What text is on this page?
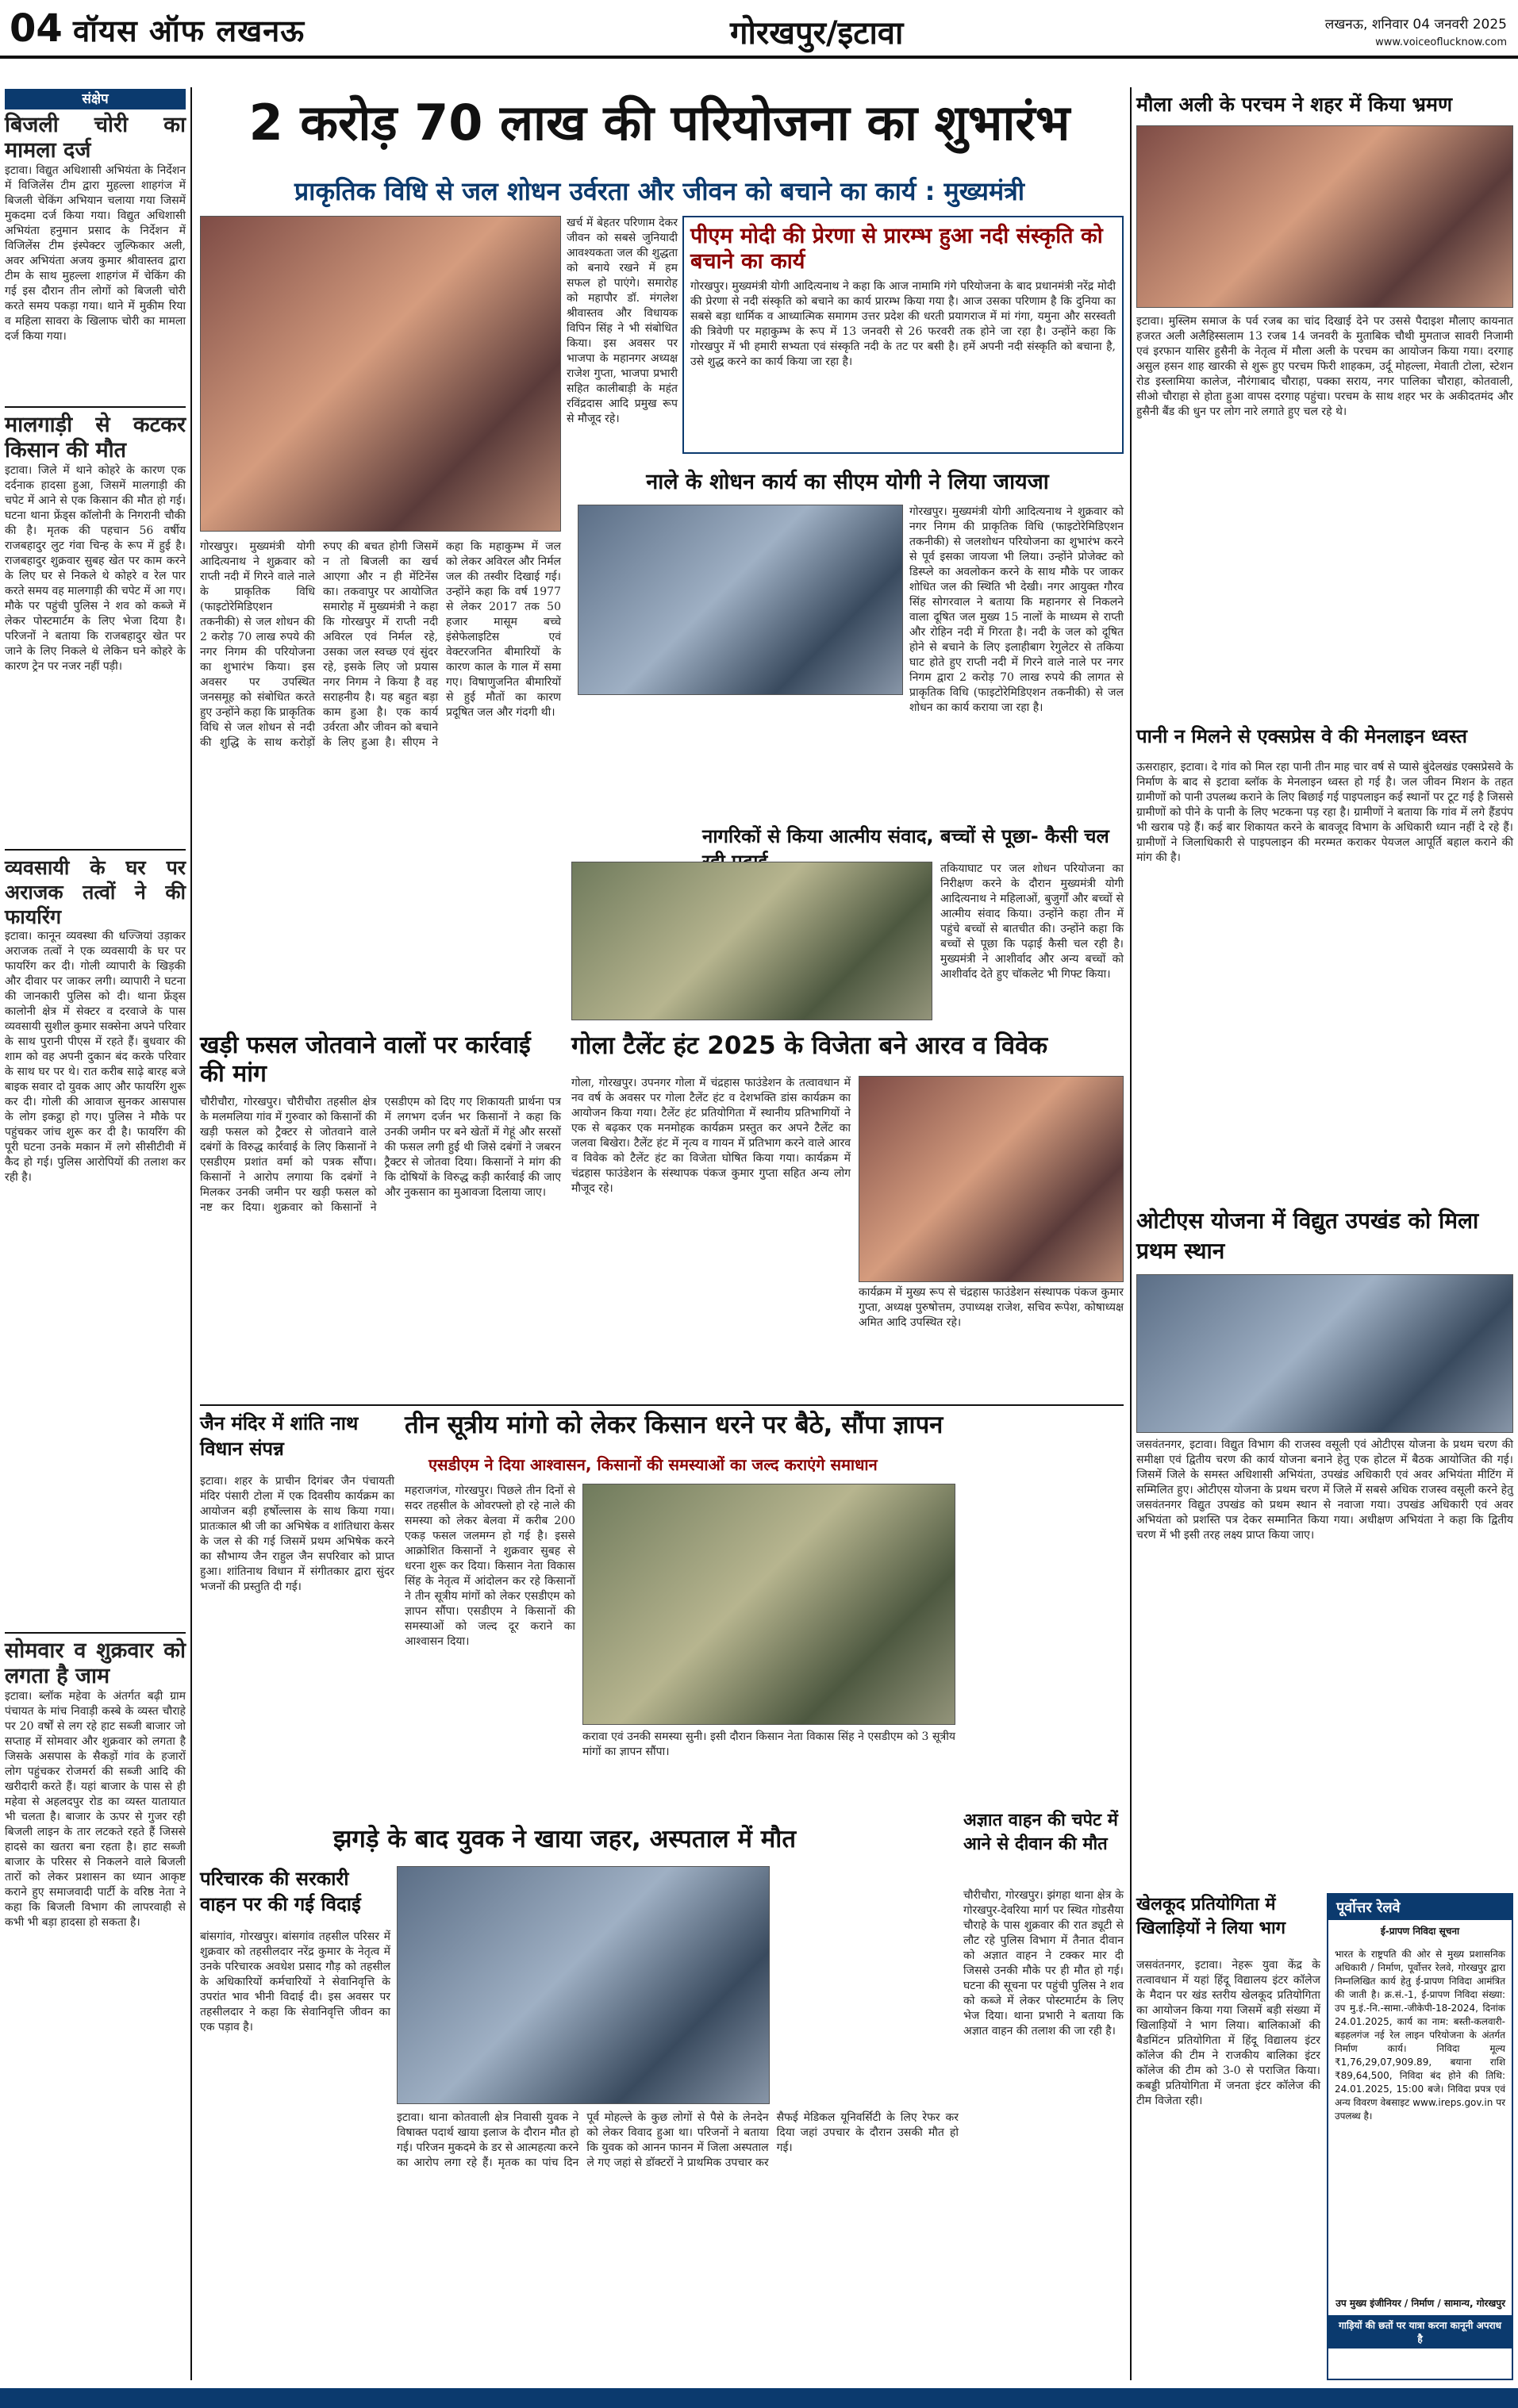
04 वॉयस ऑफ लखनऊ	गोरखपुर/इटावा	लखनऊ, शनिवार 04 जनवरी 2025
www.voiceoflucknow.com
संक्षेप
बिजली चोरी का मामला दर्ज

इटावा। विद्युत अधिशासी अभियंता के निर्देशन में विजिलेंस टीम द्वारा मुहल्ला शाहगंज में बिजली चेकिंग अभियान चलाया गया जिसमें मुकदमा दर्ज किया गया। विद्युत अधिशासी अभियंता हनुमान प्रसाद के निर्देशन में विजिलेंस टीम इंस्पेक्टर जुल्फिकार अली, अवर अभियंता अजय कुमार श्रीवास्तव द्वारा टीम के साथ मुहल्ला शाहगंज में चेकिंग की गई इस दौरान तीन लोगों को बिजली चोरी करते समय पकड़ा गया। थाने में मुकीम रिया व महिला सावरा के खिलाफ चोरी का मामला दर्ज किया गया।

मालगाड़ी से कटकर किसान की मौत

इटावा। जिले में थाने कोहरे के कारण एक दर्दनाक हादसा हुआ, जिसमें मालगाड़ी की चपेट में आने से एक किसान की मौत हो गई। घटना थाना फ्रेंड्स कॉलोनी के निगरानी चौकी की है। मृतक की पहचान 56 वर्षीय राजबहादुर लुट गंवा चिन्ह के रूप में हुई है। राजबहादुर शुक्रवार सुबह खेत पर काम करने के लिए घर से निकले थे कोहरे व रेल पार करते समय वह मालगाड़ी की चपेट में आ गए। मौके पर पहुंची पुलिस ने शव को कब्जे में लेकर पोस्टमार्टम के लिए भेजा दिया है। परिजनों ने बताया कि राजबहादुर खेत पर जाने के लिए निकले थे लेकिन घने कोहरे के कारण ट्रेन पर नजर नहीं पड़ी।

व्यवसायी के घर पर अराजक तत्वों ने की फायरिंग

इटावा। कानून व्यवस्था की धज्जियां उड़ाकर अराजक तत्वों ने एक व्यवसायी के घर पर फायरिंग कर दी। गोली व्यापारी के खिड़की और दीवार पर जाकर लगी। व्यापारी ने घटना की जानकारी पुलिस को दी। थाना फ्रेंड्स कालोनी क्षेत्र में सेक्टर व दरवाजे के पास व्यवसायी सुशील कुमार सक्सेना अपने परिवार के साथ पुरानी पीएस में रहते हैं। बुधवार की शाम को वह अपनी दुकान बंद करके परिवार के साथ घर पर थे। रात करीब साढ़े बारह बजे बाइक सवार दो युवक आए और फायरिंग शुरू कर दी। गोली की आवाज सुनकर आसपास के लोग इकट्ठा हो गए। पुलिस ने मौके पर पहुंचकर जांच शुरू कर दी है। फायरिंग की पूरी घटना उनके मकान में लगे सीसीटीवी में कैद हो गई। पुलिस आरोपियों की तलाश कर रही है।

सोमवार व शुक्रवार को लगता है जाम

इटावा। ब्लॉक महेवा के अंतर्गत बढ़ी ग्राम पंचायत के मांच निवाड़ी कस्बे के व्यस्त चौराहे पर 20 वर्षों से लग रहे हाट सब्जी बाजार जो सप्ताह में सोमवार और शुक्रवार को लगता है जिसके असपास के सैकड़ों गांव के हजारों लोग पहुंचकर रोजमर्रा की सब्जी आदि की खरीदारी करते हैं। यहां बाजार के पास से ही महेवा से अहलदपुर रोड का व्यस्त यातायात भी चलता है। बाजार के ऊपर से गुजर रही बिजली लाइन के तार लटकते रहते हैं जिससे हादसे का खतरा बना रहता है। हाट सब्जी बाजार के परिसर से निकलने वाले बिजली तारों को लेकर प्रशासन का ध्यान आकृष्ट कराने हुए समाजवादी पार्टी के वरिष्ठ नेता ने कहा कि बिजली विभाग की लापरवाही से कभी भी बड़ा हादसा हो सकता है।

2 करोड़ 70 लाख की परियोजना का शुभारंभ
प्राकृतिक विधि से जल शोधन उर्वरता और जीवन को बचाने का कार्य : मुख्यमंत्री
गोरखपुर। मुख्यमंत्री योगी आदित्यनाथ ने शुक्रवार को राप्ती नदी में गिरने वाले नाले के प्राकृतिक विधि (फाइटोरेमिडिएशन तकनीकी) से जल शोधन की 2 करोड़ 70 लाख रुपये की नगर निगम की परियोजना का शुभारंभ किया। इस अवसर पर उपस्थित जनसमूह को संबोधित करते हुए उन्होंने कहा कि प्राकृतिक विधि से जल शोधन से नदी की शुद्धि के साथ करोड़ों रुपए की बचत होगी जिसमें न तो बिजली का खर्च आएगा और न ही मेंटिनेंस का। तकवापुर पर आयोजित समारोह में मुख्यमंत्री ने कहा कि गोरखपुर में राप्ती नदी अविरल एवं निर्मल रहे, उसका जल स्वच्छ एवं सुंदर रहे, इसके लिए जो प्रयास नगर निगम ने किया है वह सराहनीय है। यह बहुत बड़ा काम हुआ है। एक कार्य उर्वरता और जीवन को बचाने के लिए हुआ है। सीएम ने कहा कि महाकुम्भ में जल को लेकर अविरल और निर्मल जल की तस्वीर दिखाई गई। उन्होंने कहा कि वर्ष 1977 से लेकर 2017 तक 50 हजार मासूम बच्चे इंसेफेलाइटिस एवं वेक्टरजनित बीमारियों के कारण काल के गाल में समा गए। विषाणुजनित बीमारियों से हुई मौतों का कारण प्रदूषित जल और गंदगी थी।
खर्च में बेहतर परिणाम देकर जीवन को सबसे जुनियादी आवश्यकता जल की शुद्धता को बनाये रखने में हम सफल हो पाएंगे। समारोह को महापौर डॉ. मंगलेश श्रीवास्तव और विधायक विपिन सिंह ने भी संबोधित किया। इस अवसर पर भाजपा के महानगर अध्यक्ष राजेश गुप्ता, भाजपा प्रभारी सहित कालीबाड़ी के महंत रविंद्रदास आदि प्रमुख रूप से मौजूद रहे।
पीएम मोदी की प्रेरणा से प्रारम्भ हुआ नदी संस्कृति को बचाने का कार्य

गोरखपुर। मुख्यमंत्री योगी आदित्यनाथ ने कहा कि आज नामामि गंगे परियोजना के बाद प्रधानमंत्री नरेंद्र मोदी की प्रेरणा से नदी संस्कृति को बचाने का कार्य प्रारम्भ किया गया है। आज उसका परिणाम है कि दुनिया का सबसे बड़ा धार्मिक व आध्यात्मिक समागम उत्तर प्रदेश की धरती प्रयागराज में मां गंगा, यमुना और सरस्वती की त्रिवेणी पर महाकुम्भ के रूप में 13 जनवरी से 26 फरवरी तक होने जा रहा है। उन्होंने कहा कि गोरखपुर में भी हमारी सभ्यता एवं संस्कृति नदी के तट पर बसी है। हमें अपनी नदी संस्कृति को बचाना है, उसे शुद्ध करने का कार्य किया जा रहा है।

नाले के शोधन कार्य का सीएम योगी ने लिया जायजा
गोरखपुर। मुख्यमंत्री योगी आदित्यनाथ ने शुक्रवार को नगर निगम की प्राकृतिक विधि (फाइटोरेमिडिएशन तकनीकी) से जलशोधन परियोजना का शुभारंभ करने से पूर्व इसका जायजा भी लिया। उन्होंने प्रोजेक्ट को डिस्प्ले का अवलोकन करने के साथ मौके पर जाकर शोधित जल की स्थिति भी देखी। नगर आयुक्त गौरव सिंह सोगरवाल ने बताया कि महानगर से निकलने वाला दूषित जल मुख्य 15 नालों के माध्यम से राप्ती और रोहिन नदी में गिरता है। नदी के जल को दूषित होने से बचाने के लिए इलाहीबाग रेगुलेटर से तकिया घाट होते हुए राप्ती नदी में गिरने वाले नाले पर नगर निगम द्वारा 2 करोड़ 70 लाख रुपये की लागत से प्राकृतिक विधि (फाइटोरेमिडिएशन तकनीकी) से जल शोधन का कार्य कराया जा रहा है।
नागरिकों से किया आत्मीय संवाद, बच्चों से पूछा- कैसी चल
तकियाघाट पर जल शोधन परियोजना का निरीक्षण करने के दौरान मुख्यमंत्री योगी आदित्यनाथ ने महिलाओं, बुजुर्गों और बच्चों से आत्मीय संवाद किया। उन्होंने कहा तीन में पहुंचे बच्चों से बातचीत की। उन्होंने कहा कि बच्चों से पूछा कि पढ़ाई कैसी चल रही है। मुख्यमंत्री ने आशीर्वाद और अन्य बच्चों को आशीर्वाद देते हुए चॉकलेट भी गिफ्ट किया।
खड़ी फसल जोतवाने वालों पर कार्रवाई की मांग
चौरीचौरा, गोरखपुर। चौरीचौरा तहसील क्षेत्र के मलमलिया गांव में गुरुवार को किसानों की खड़ी फसल को ट्रैक्टर से जोतवाने वाले दबंगों के विरुद्ध कार्रवाई के लिए किसानों ने एसडीएम प्रशांत वर्मा को पत्रक सौंपा। किसानों ने आरोप लगाया कि दबंगों ने मिलकर उनकी जमीन पर खड़ी फसल को नष्ट कर दिया। शुक्रवार को किसानों ने एसडीएम को दिए गए शिकायती प्रार्थना पत्र में लगभग दर्जन भर किसानों ने कहा कि उनकी जमीन पर बने खेतों में गेहूं और सरसों की फसल लगी हुई थी जिसे दबंगों ने जबरन ट्रैक्टर से जोतवा दिया। किसानों ने मांग की कि दोषियों के विरुद्ध कड़ी कार्रवाई की जाए और नुकसान का मुआवजा दिलाया जाए।
गोला टैलेंट हंट 2025 के विजेता बने आरव व विवेक
गोला, गोरखपुर। उपनगर गोला में चंद्रहास फाउंडेशन के तत्वावधान में नव वर्ष के अवसर पर गोला टैलेंट हंट व देशभक्ति डांस कार्यक्रम का आयोजन किया गया। टैलेंट हंट प्रतियोगिता में स्थानीय प्रतिभागियों ने एक से बढ़कर एक मनमोहक कार्यक्रम प्रस्तुत कर अपने टैलेंट का जलवा बिखेरा। टैलेंट हंट में नृत्य व गायन में प्रतिभाग करने वाले आरव व विवेक को टैलेंट हंट का विजेता घोषित किया गया। कार्यक्रम में चंद्रहास फाउंडेशन के संस्थापक पंकज कुमार गुप्ता सहित अन्य लोग मौजूद रहे।
कार्यक्रम में मुख्य रूप से चंद्रहास फाउंडेशन संस्थापक पंकज कुमार गुप्ता, अध्यक्ष पुरुषोत्तम, उपाध्यक्ष राजेश, सचिव रूपेश, कोषाध्यक्ष अमित आदि उपस्थित रहे।
जैन मंदिर में शांति नाथ विधान संपन्न
इटावा। शहर के प्राचीन दिगंबर जैन पंचायती मंदिर पंसारी टोला में एक दिवसीय कार्यक्रम का आयोजन बड़ी हर्षोल्लास के साथ किया गया। प्रातःकाल श्री जी का अभिषेक व शांतिधारा केसर के जल से की गई जिसमें प्रथम अभिषेक करने का सौभाग्य जैन राहुल जैन सपरिवार को प्राप्त हुआ। शांतिनाथ विधान में संगीतकार द्वारा सुंदर भजनों की प्रस्तुति दी गई।
तीन सूत्रीय मांगो को लेकर किसान धरने पर बैठे, सौंपा ज्ञापन
एसडीएम ने दिया आश्वासन, किसानों की समस्याओं का जल्द कराएंगे समाधान
महराजगंज, गोरखपुर। पिछले तीन दिनों से सदर तहसील के ओवरफ्लो हो रहे नाले की समस्या को लेकर बेलवा में करीब 200 एकड़ फसल जलमग्न हो गई है। इससे आक्रोशित किसानों ने शुक्रवार सुबह से धरना शुरू कर दिया। किसान नेता विकास सिंह के नेतृत्व में आंदोलन कर रहे किसानों ने तीन सूत्रीय मांगों को लेकर एसडीएम को ज्ञापन सौंपा। एसडीएम ने किसानों की समस्याओं को जल्द दूर कराने का आश्वासन दिया।
करावा एवं उनकी समस्या सुनी। इसी दौरान किसान नेता विकास सिंह ने एसडीएम को 3 सूत्रीय मांगों का ज्ञापन सौंपा।
झगड़े के बाद युवक ने खाया जहर, अस्पताल में मौत
इटावा। थाना कोतवाली क्षेत्र निवासी युवक ने विषाक्त पदार्थ खाया इलाज के दौरान मौत हो गई। परिजन मुकदमे के डर से आत्महत्या करने का आरोप लगा रहे हैं। मृतक का पांच दिन पूर्व मोहल्ले के कुछ लोगों से पैसे के लेनदेन को लेकर विवाद हुआ था। परिजनों ने बताया कि युवक को आनन फानन में जिला अस्पताल ले गए जहां से डॉक्टरों ने प्राथमिक उपचार कर सैफई मेडिकल यूनिवर्सिटी के लिए रेफर कर दिया जहां उपचार के दौरान उसकी मौत हो गई।
परिचारक की सरकारी वाहन पर की गई विदाई
बांसगांव, गोरखपुर। बांसगांव तहसील परिसर में शुक्रवार को तहसीलदार नरेंद्र कुमार के नेतृत्व में उनके परिचारक अवधेश प्रसाद गौड़ को तहसील के अधिकारियों कर्मचारियों ने सेवानिवृत्ति के उपरांत भाव भीनी विदाई दी। इस अवसर पर तहसीलदार ने कहा कि सेवानिवृत्ति जीवन का एक पड़ाव है।
अज्ञात वाहन की चपेट में आने से दीवान की मौत
चौरीचौरा, गोरखपुर। झंगहा थाना क्षेत्र के गोरखपुर-देवरिया मार्ग पर स्थित गोडसैया चौराहे के पास शुक्रवार की रात ड्यूटी से लौट रहे पुलिस विभाग में तैनात दीवान को अज्ञात वाहन ने टक्कर मार दी जिससे उनकी मौके पर ही मौत हो गई। घटना की सूचना पर पहुंची पुलिस ने शव को कब्जे में लेकर पोस्टमार्टम के लिए भेज दिया। थाना प्रभारी ने बताया कि अज्ञात वाहन की तलाश की जा रही है।
मौला अली के परचम ने शहर में किया भ्रमण
इटावा। मुस्लिम समाज के पर्व रजब का चांद दिखाई देने पर उससे पैदाइश मौलाए कायनात हजरत अली अलैहिस्सलाम 13 रजब 14 जनवरी के मुताबिक चौथी मुमताज सावरी निजामी एवं इरफान यासिर हुसैनी के नेतृत्व में मौला अली के परचम का आयोजन किया गया। दरगाह असुल हसन शाह खारकी से शुरू हुए परचम फिरी शाहकम, उर्दू मोहल्ला, मेवाती टोला, स्टेशन रोड इस्लामिया कालेज, नौरंगाबाद चौराहा, पक्का सराय, नगर पालिका चौराहा, कोतवाली, सीओ चौराहा से होता हुआ वापस दरगाह पहुंचा। परचम के साथ शहर भर के अकीदतमंद और हुसैनी बैंड की धुन पर लोग नारे लगाते हुए चल रहे थे।
पानी न मिलने से एक्सप्रेस वे की मेनलाइन ध्वस्त
ऊसराहार, इटावा। दे गांव को मिल रहा पानी तीन माह चार वर्ष से प्यासे बुंदेलखंड एक्सप्रेसवे के निर्माण के बाद से इटावा ब्लॉक के मेनलाइन ध्वस्त हो गई है। जल जीवन मिशन के तहत ग्रामीणों को पानी उपलब्ध कराने के लिए बिछाई गई पाइपलाइन कई स्थानों पर टूट गई है जिससे ग्रामीणों को पीने के पानी के लिए भटकना पड़ रहा है। ग्रामीणों ने बताया कि गांव में लगे हैंडपंप भी खराब पड़े हैं। कई बार शिकायत करने के बावजूद विभाग के अधिकारी ध्यान नहीं दे रहे हैं। ग्रामीणों ने जिलाधिकारी से पाइपलाइन की मरम्मत कराकर पेयजल आपूर्ति बहाल कराने की मांग की है।
ओटीएस योजना में विद्युत उपखंड को मिला प्रथम स्थान
जसवंतनगर, इटावा। विद्युत विभाग की राजस्व वसूली एवं ओटीएस योजना के प्रथम चरण की समीक्षा एवं द्वितीय चरण की कार्य योजना बनाने हेतु एक होटल में बैठक आयोजित की गई। जिसमें जिले के समस्त अधिशासी अभियंता, उपखंड अधिकारी एवं अवर अभियंता मीटिंग में सम्मिलित हुए। ओटीएस योजना के प्रथम चरण में जिले में सबसे अधिक राजस्व वसूली करने हेतु जसवंतनगर विद्युत उपखंड को प्रथम स्थान से नवाजा गया। उपखंड अधिकारी एवं अवर अभियंता को प्रशस्ति पत्र देकर सम्मानित किया गया। अधीक्षण अभियंता ने कहा कि द्वितीय चरण में भी इसी तरह लक्ष्य प्राप्त किया जाए।
खेलकूद प्रतियोगिता में खिलाड़ियों ने लिया भाग
जसवंतनगर, इटावा। नेहरू युवा केंद्र के तत्वावधान में यहां हिंदू विद्यालय इंटर कॉलेज के मैदान पर खंड स्तरीय खेलकूद प्रतियोगिता का आयोजन किया गया जिसमें बड़ी संख्या में खिलाड़ियों ने भाग लिया। बालिकाओं की बैडमिंटन प्रतियोगिता में हिंदू विद्यालय इंटर कॉलेज की टीम ने राजकीय बालिका इंटर कॉलेज की टीम को 3-0 से पराजित किया। कबड्डी प्रतियोगिता में जनता इंटर कॉलेज की टीम विजेता रही।
पूर्वोत्तर रेलवे
ई-प्रापण निविदा सूचना
भारत के राष्ट्रपति की ओर से मुख्य प्रशासनिक अधिकारी / निर्माण, पूर्वोत्तर रेलवे, गोरखपुर द्वारा निम्नलिखित कार्य हेतु ई-प्रापण निविदा आमंत्रित की जाती है। क्र.सं.-1, ई-प्रापण निविदा संख्या: उप मु.इं.-नि.-सामा.-जीकेपी-18-2024, दिनांक 24.01.2025, कार्य का नाम: बस्ती-कलवारी-बड़हलगंज नई रेल लाइन परियोजना के अंतर्गत निर्माण कार्य। निविदा मूल्य ₹1,76,29,07,909.89, बयाना राशि ₹89,64,500, निविदा बंद होने की तिथि: 24.01.2025, 15:00 बजे। निविदा प्रपत्र एवं अन्य विवरण वेबसाइट www.ireps.gov.in पर उपलब्ध है।
उप मुख्य इंजीनियर / निर्माण / सामान्य, गोरखपुर
गाड़ियों की छतों पर यात्रा करना कानूनी अपराध है
